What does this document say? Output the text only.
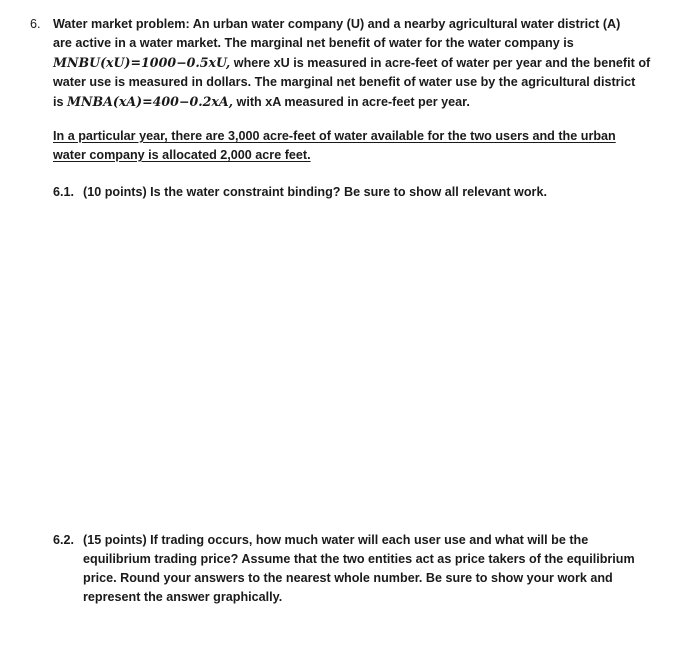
6. Water market problem: An urban water company (U) and a nearby agricultural water district (A)
are active in a water market. The marginal net benefit of water for the water company is
MNBU(xU)=1000−0.5xU, where xU is measured in acre-feet of water per year and the benefit of
water use is measured in dollars. The marginal net benefit of water use by the agricultural district
is MNBA(xA)=400−0.2xA, with xA measured in acre-feet per year.
In a particular year, there are 3,000 acre-feet of water available for the two users and the urban
water company is allocated 2,000 acre feet.
6.1. (10 points) Is the water constraint binding? Be sure to show all relevant work.
6.2. (15 points) If trading occurs, how much water will each user use and what will be the
equilibrium trading price? Assume that the two entities act as price takers of the equilibrium
price. Round your answers to the nearest whole number. Be sure to show your work and
represent the answer graphically.
